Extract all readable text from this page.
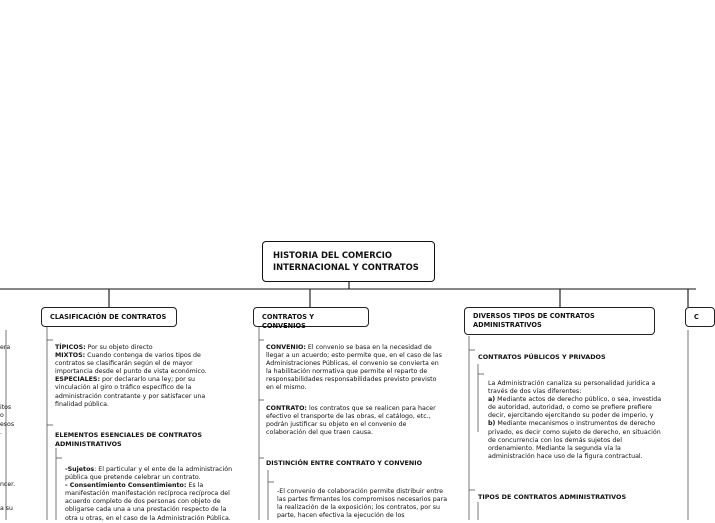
HISTORIA DEL COMERCIO
INTERNACIONAL Y CONTRATOS
CLASIFICACIÓN DE CONTRATOS	CONTRATOS Y CONVENIOS
DIVERSOS TIPOS DE CONTRATOS
ADMINISTRATIVOS
C
TÍPICOS: Por su objeto directo
MIXTOS: Cuando contenga de varios tipos de contratos se clasificarán según el de mayor importancia desde el punto de vista económico.
ESPECIALES: por declararlo una ley; por su vinculación al giro o tráfico específico de la administración contratante y por satisfacer una finalidad pública.
ELEMENTOS ESENCIALES DE CONTRATOS ADMINISTRATIVOS
-Sujetos: El particular y el ente de la administración pública que pretende celebrar un contrato.
- Consentimiento Consentimiento: Es la manifestación manifestación recíproca recíproca del acuerdo completo de dos personas con objeto de obligarse cada una a una prestación respecto de la otra u otras, en el caso de la Administración Pública.
CONVENIO: El convenio se basa en la necesidad de llegar a un acuerdo; esto permite que, en el caso de las Administraciones Públicas, el convenio se convierta en la habilitación normativa que permite el reparto de responsabilidades responsabilidades previsto previsto en el mismo.
CONTRATO: los contratos que se realicen para hacer efectivo el transporte de las obras, el catálogo, etc., podrán justificar su objeto en el convenio de colaboración del que traen causa.
DISTINCIÓN ENTRE CONTRATO Y CONVENIO
-El convenio de colaboración permite distribuir entre las partes firmantes los compromisos necesarios para la realización de la exposición; los contratos, por su parte, hacen efectiva la ejecución de los
CONTRATOS PÚBLICOS Y PRIVADOS
La Administración canaliza su personalidad jurídica a través de dos vías diferentes:
a) Mediante actos de derecho público, o sea, investida de autoridad, autoridad, o como se prefiere prefiere decir, ejercitando ejercitando su poder de imperio, y
b) Mediante mecanismos o instrumentos de derecho privado, es decir como sujeto de derecho, en situación de concurrencia con los demás sujetos del ordenamiento. Mediante la segunda vía la administración hace uso de la figura contractual.
TIPOS DE CONTRATOS ADMINISTRATIVOS
era
itos
o
esos
.
ncer.
a su
